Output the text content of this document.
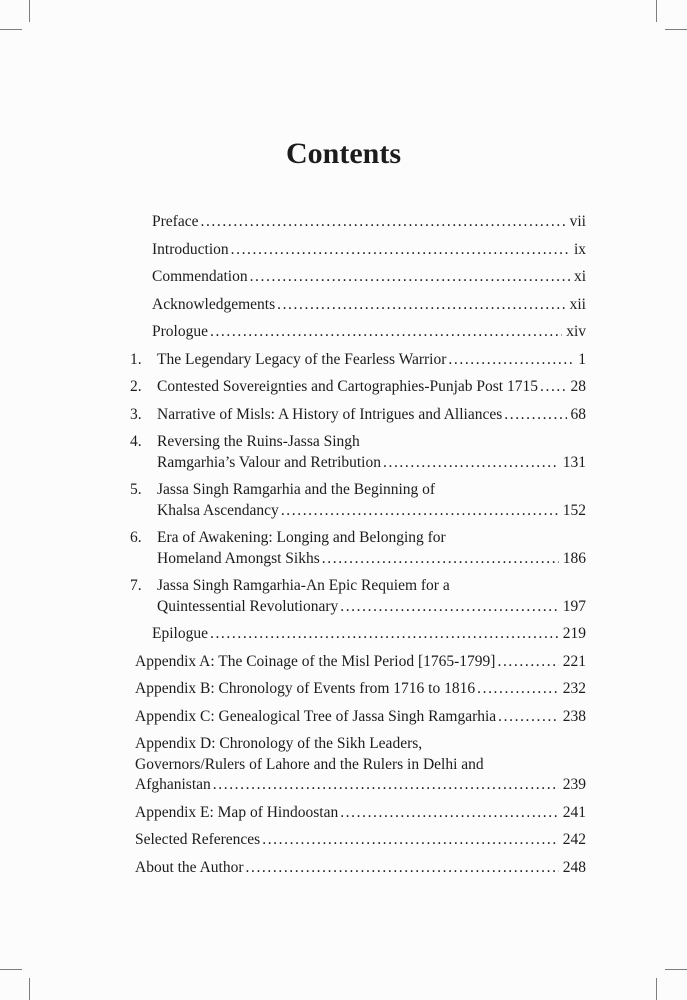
Contents
Preface .....	vii
Introduction .....	ix
Commendation .....	xi
Acknowledgements .....	xii
Prologue .....	xiv
1. The Legendary Legacy of the Fearless Warrior .....	1
2. Contested Sovereignties and Cartographies-Punjab Post 1715 ..... 28
3. Narrative of Misls: A History of Intrigues and Alliances .....	68
4. Reversing the Ruins-Jassa Singh
Ramgarhia’s Valour and Retribution .....	131
5. Jassa Singh Ramgarhia and the Beginning of
Khalsa Ascendancy .....	152
6. Era of Awakening: Longing and Belonging for
Homeland Amongst Sikhs .....	186
7. Jassa Singh Ramgarhia-An Epic Requiem for a
Quintessential Revolutionary .....	197
Epilogue .....	219
Appendix A: The Coinage of the Misl Period [1765-1799] .....	221
Appendix B: Chronology of Events from 1716 to 1816 .....	232
Appendix C: Genealogical Tree of Jassa Singh Ramgarhia .....	238
Appendix D: Chronology of the Sikh Leaders,
Governors/Rulers of Lahore and the Rulers in Delhi and
Afghanistan .....	239
Appendix E: Map of Hindoostan .....	241
Selected References .....	242
About the Author .....	248
